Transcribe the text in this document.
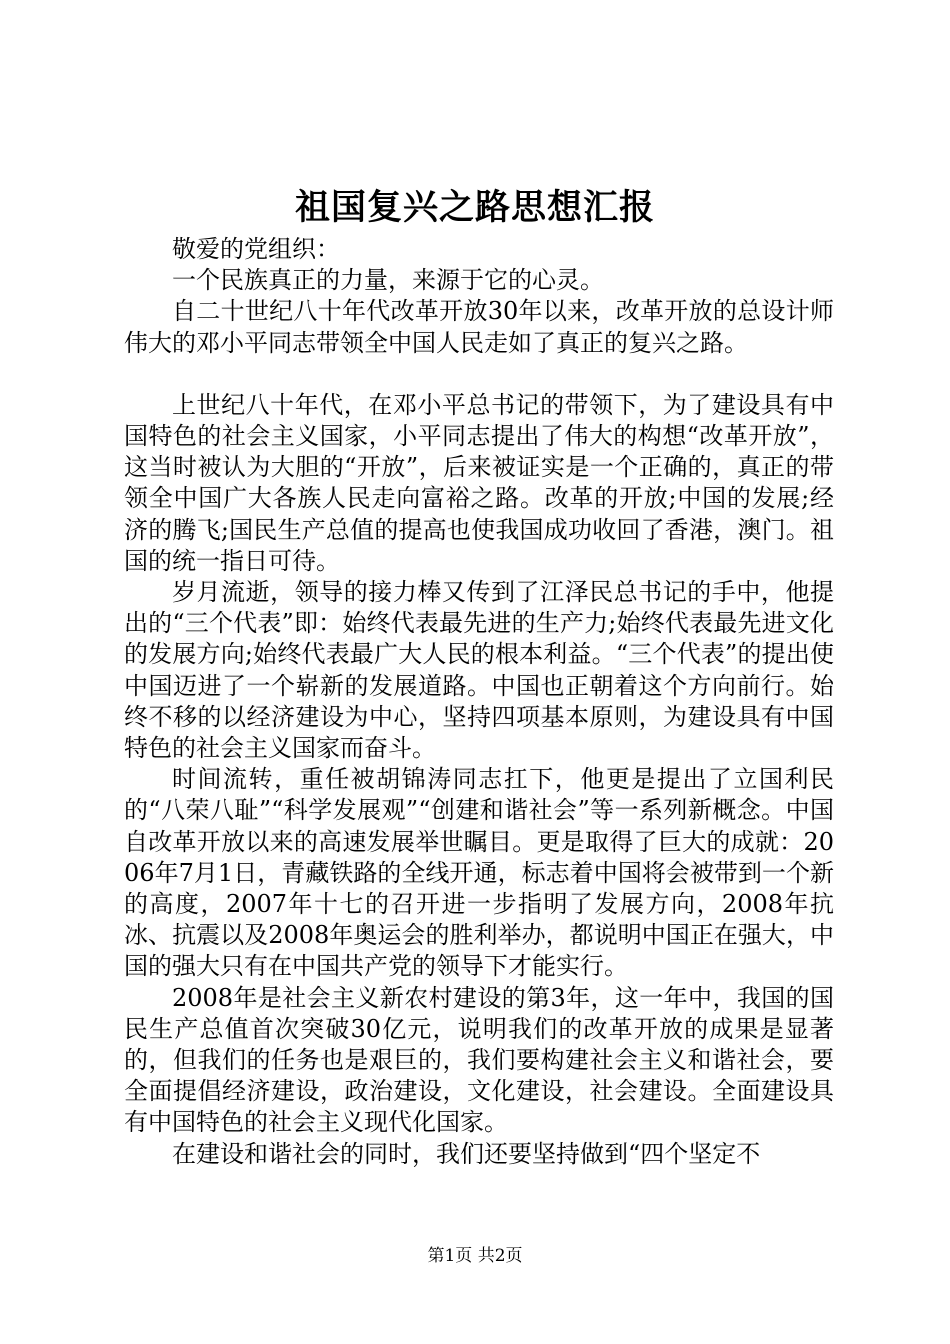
祖国复兴之路思想汇报

敬爱的党组织：

一个民族真正的力量，来源于它的心灵。

自二十世纪八十年代改革开放30年以来，改革开放的总设计师伟大的邓小平同志带领全中国人民走如了真正的复兴之路。

上世纪八十年代，在邓小平总书记的带领下，为了建设具有中国特色的社会主义国家，小平同志提出了伟大的构想“改革开放”，这当时被认为大胆的“开放”，后来被证实是一个正确的，真正的带领全中国广大各族人民走向富裕之路。改革的开放;中国的发展;经济的腾飞;国民生产总值的提高也使我国成功收回了香港，澳门。祖国的统一指日可待。

岁月流逝，领导的接力棒又传到了江泽民总书记的手中，他提出的“三个代表”即：始终代表最先进的生产力;始终代表最先进文化的发展方向;始终代表最广大人民的根本利益。“三个代表”的提出使中国迈进了一个崭新的发展道路。中国也正朝着这个方向前行。始终不移的以经济建设为中心，坚持四项基本原则，为建设具有中国特色的社会主义国家而奋斗。

时间流转，重任被胡锦涛同志扛下，他更是提出了立国利民的“八荣八耻”“科学发展观”“创建和谐社会”等一系列新概念。中国自改革开放以来的高速发展举世瞩目。更是取得了巨大的成就：2006年7月1日，青藏铁路的全线开通，标志着中国将会被带到一个新的高度，2007年十七的召开进一步指明了发展方向，2008年抗冰、抗震以及2008年奥运会的胜利举办，都说明中国正在强大，中国的强大只有在中国共产党的领导下才能实行。

2008年是社会主义新农村建设的第3年，这一年中，我国的国民生产总值首次突破30亿元，说明我们的改革开放的成果是显著的，但我们的任务也是艰巨的，我们要构建社会主义和谐社会，要全面提倡经济建设，政治建设，文化建设，社会建设。全面建设具有中国特色的社会主义现代化国家。

在建设和谐社会的同时，我们还要坚持做到“四个坚定不

第1页 共2页
